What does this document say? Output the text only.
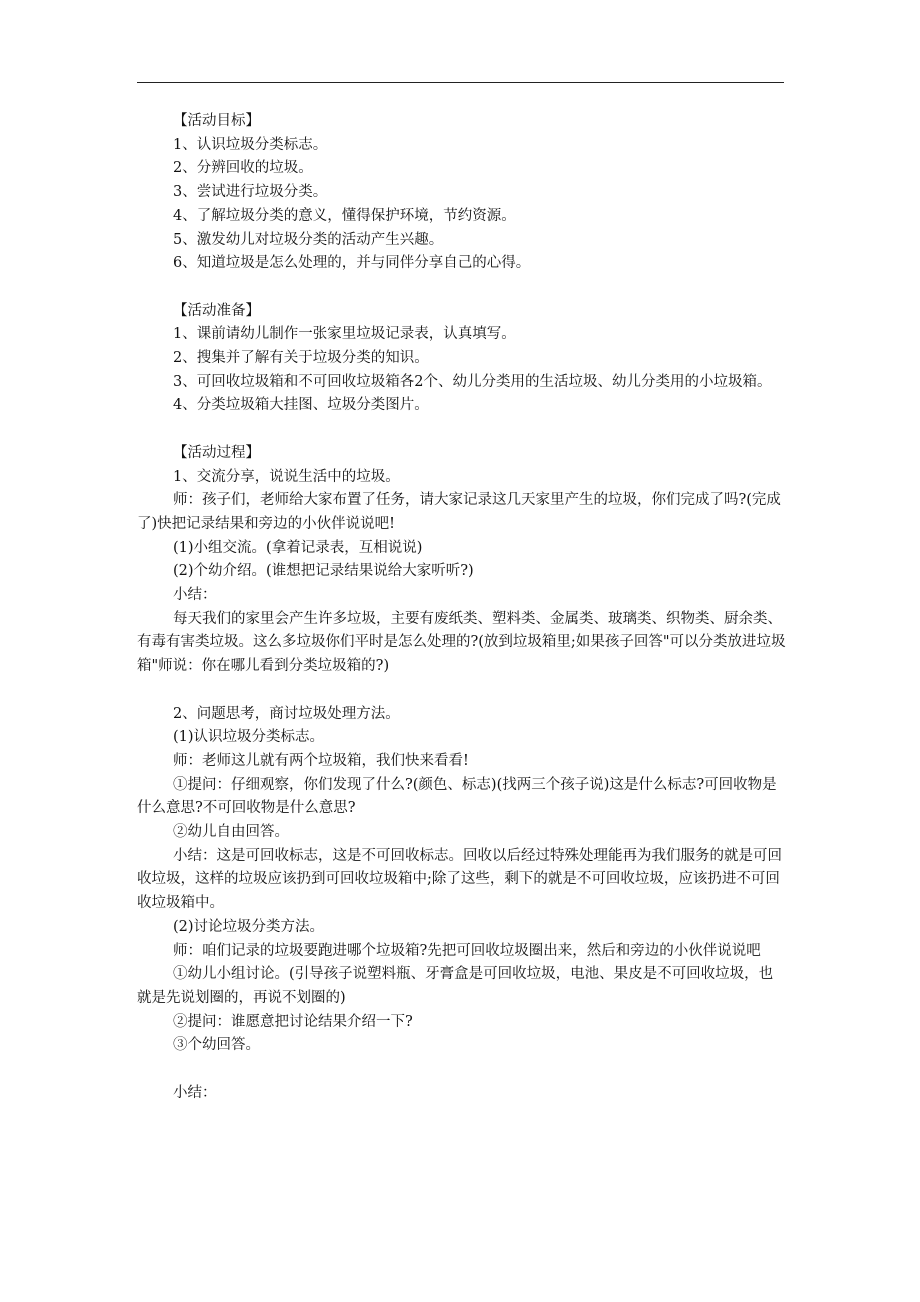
【活动目标】

1、认识垃圾分类标志。

2、分辨回收的垃圾。

3、尝试进行垃圾分类。

4、了解垃圾分类的意义，懂得保护环境，节约资源。

5、激发幼儿对垃圾分类的活动产生兴趣。

6、知道垃圾是怎么处理的，并与同伴分享自己的心得。

【活动准备】

1、课前请幼儿制作一张家里垃圾记录表，认真填写。

2、搜集并了解有关于垃圾分类的知识。

3、可回收垃圾箱和不可回收垃圾箱各2个、幼儿分类用的生活垃圾、幼儿分类用的小垃圾箱。

4、分类垃圾箱大挂图、垃圾分类图片。

【活动过程】

1、交流分享，说说生活中的垃圾。

师：孩子们，老师给大家布置了任务，请大家记录这几天家里产生的垃圾，你们完成了吗?(完成了)快把记录结果和旁边的小伙伴说说吧!

(1)小组交流。(拿着记录表，互相说说)

(2)个幼介绍。(谁想把记录结果说给大家听听?)

小结：

每天我们的家里会产生许多垃圾，主要有废纸类、塑料类、金属类、玻璃类、织物类、厨余类、有毒有害类垃圾。这么多垃圾你们平时是怎么处理的?(放到垃圾箱里;如果孩子回答"可以分类放进垃圾箱"师说：你在哪儿看到分类垃圾箱的?)

2、问题思考，商讨垃圾处理方法。

(1)认识垃圾分类标志。

师：老师这儿就有两个垃圾箱，我们快来看看!

①提问：仔细观察，你们发现了什么?(颜色、标志)(找两三个孩子说)这是什么标志?可回收物是什么意思?不可回收物是什么意思?

②幼儿自由回答。

小结：这是可回收标志，这是不可回收标志。回收以后经过特殊处理能再为我们服务的就是可回收垃圾，这样的垃圾应该扔到可回收垃圾箱中;除了这些，剩下的就是不可回收垃圾，应该扔进不可回收垃圾箱中。

(2)讨论垃圾分类方法。

师：咱们记录的垃圾要跑进哪个垃圾箱?先把可回收垃圾圈出来，然后和旁边的小伙伴说说吧

①幼儿小组讨论。(引导孩子说塑料瓶、牙膏盒是可回收垃圾，电池、果皮是不可回收垃圾，也就是先说划圈的，再说不划圈的)

②提问：谁愿意把讨论结果介绍一下?

③个幼回答。

小结：
